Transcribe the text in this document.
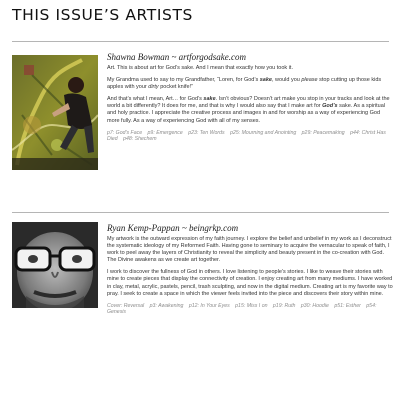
THIS ISSUE’S ARTISTS
Shawna Bowman ~ artforgodsake.com

Art. This is about art for God’s sake. And I mean that exactly how you took it.

My Grandma used to say to my Grandfather, “Loren, for God’s sake, would you please stop cutting up those kids apples with your dirty pocket knife!”

And that’s what I mean, Art… for God’s sake. Isn’t obvious? Doesn’t art make you stop in your tracks and look at the world a bit differently? It does for me, and that is why I would also say that I make art for God’s sake. As a spiritual and holy practice. I appreciate the creative process and images in and for worship as a way of experiencing God more fully. As a way of experiencing God with all of my senses.

p7: God’s Face p9: Emergence p23: Ten Words p25: Mourning and Anointing p29: Peacemaking p44: Christ Has Died p48: Shechem
Ryan Kemp-Pappan ~ beingrkp.com

My artwork is the outward expression of my faith journey. I explore the belief and unbelief in my work as I deconstruct the systematic ideology of my Reformed Faith. Having gone to seminary to acquire the vernacular to speak of faith, I work to peel away the layers of Christianity to reveal the simplicity and beauty present in the co-creation with God. The Divine awakens as we create art together.

I work to discover the fullness of God in others. I love listening to people’s stories. I like to weave their stories with mine to create pieces that display the connectivity of creation. I enjoy creating art from many mediums. I have worked in clay, metal, acrylic, pastels, pencil, trash sculpting, and now in the digital medium. Creating art is my favorite way to pray. I seek to create a space in which the viewer feels invited into the piece and discovers their story within mine.

Cover: Reversal p3: Awakening p12: In Your Eyes p15: Miss I on p19: Ruth p30: Hoodie p51: Esther p54: Genesis
